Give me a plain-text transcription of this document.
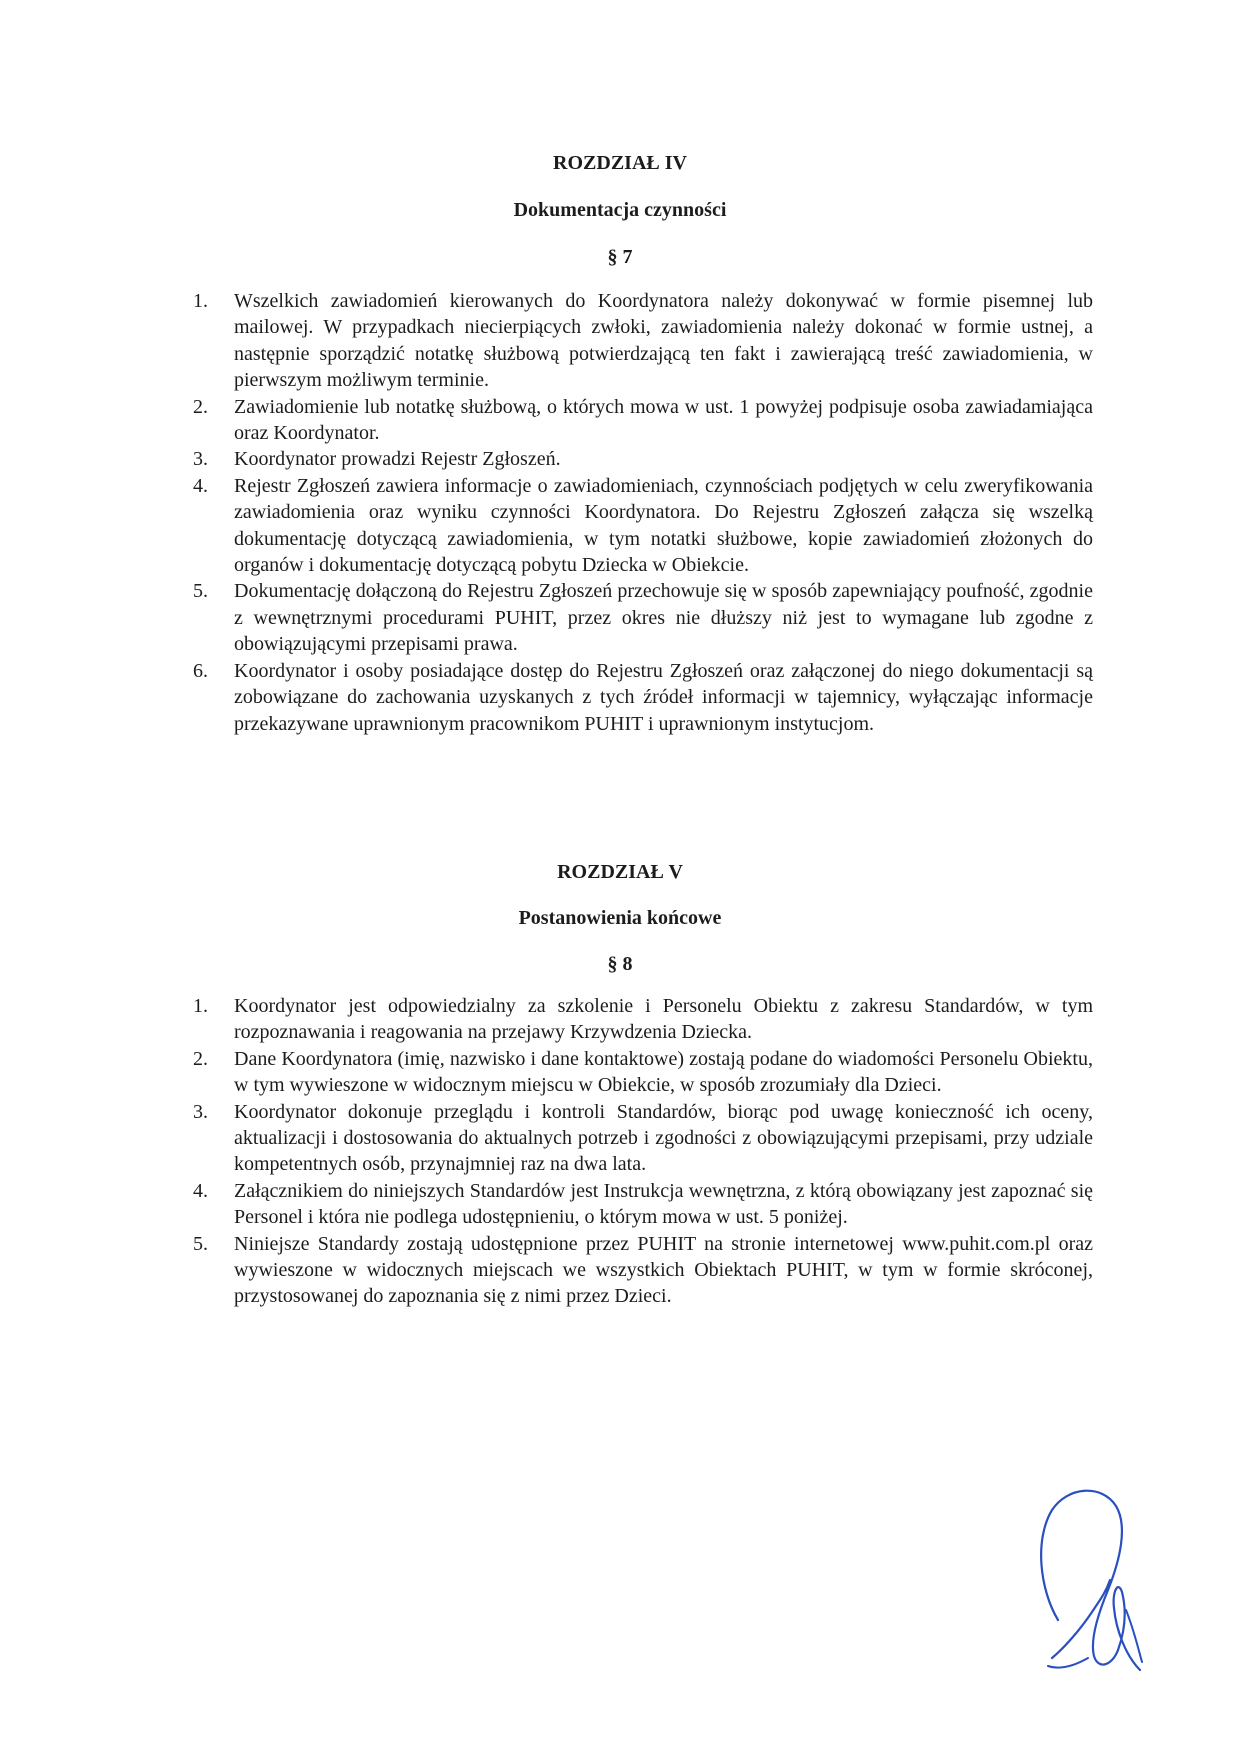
ROZDZIAŁ IV
Dokumentacja czynności
§ 7
1. Wszelkich zawiadomień kierowanych do Koordynatora należy dokonywać w formie pisemnej lub mailowej. W przypadkach niecierpiących zwłoki, zawiadomienia należy dokonać w formie ustnej, a następnie sporządzić notatkę służbową potwierdzającą ten fakt i zawierającą treść zawiadomienia, w pierwszym możliwym terminie.
2. Zawiadomienie lub notatkę służbową, o których mowa w ust. 1 powyżej podpisuje osoba zawiadamiająca oraz Koordynator.
3. Koordynator prowadzi Rejestr Zgłoszeń.
4. Rejestr Zgłoszeń zawiera informacje o zawiadomieniach, czynnościach podjętych w celu zweryfikowania zawiadomienia oraz wyniku czynności Koordynatora. Do Rejestru Zgłoszeń załącza się wszelką dokumentację dotyczącą zawiadomienia, w tym notatki służbowe, kopie zawiadomień złożonych do organów i dokumentację dotyczącą pobytu Dziecka w Obiekcie.
5. Dokumentację dołączoną do Rejestru Zgłoszeń przechowuje się w sposób zapewniający poufność, zgodnie z wewnętrznymi procedurami PUHIT, przez okres nie dłuższy niż jest to wymagane lub zgodne z obowiązującymi przepisami prawa.
6. Koordynator i osoby posiadające dostęp do Rejestru Zgłoszeń oraz załączonej do niego dokumentacji są zobowiązane do zachowania uzyskanych z tych źródeł informacji w tajemnicy, wyłączając informacje przekazywane uprawnionym pracownikom PUHIT i uprawnionym instytucjom.
ROZDZIAŁ V
Postanowienia końcowe
§ 8
1. Koordynator jest odpowiedzialny za szkolenie i Personelu Obiektu z zakresu Standardów, w tym rozpoznawania i reagowania na przejawy Krzywdzenia Dziecka.
2. Dane Koordynatora (imię, nazwisko i dane kontaktowe) zostają podane do wiadomości Personelu Obiektu, w tym wywieszone w widocznym miejscu w Obiekcie, w sposób zrozumiały dla Dzieci.
3. Koordynator dokonuje przeglądu i kontroli Standardów, biorąc pod uwagę konieczność ich oceny, aktualizacji i dostosowania do aktualnych potrzeb i zgodności z obowiązującymi przepisami, przy udziale kompetentnych osób, przynajmniej raz na dwa lata.
4. Załącznikiem do niniejszych Standardów jest Instrukcja wewnętrzna, z którą obowiązany jest zapoznać się Personel i która nie podlega udostępnieniu, o którym mowa w ust. 5 poniżej.
5. Niniejsze Standardy zostają udostępnione przez PUHIT na stronie internetowej www.puhit.com.pl oraz wywieszone w widocznych miejscach we wszystkich Obiektach PUHIT, w tym w formie skróconej, przystosowanej do zapoznania się z nimi przez Dzieci.
